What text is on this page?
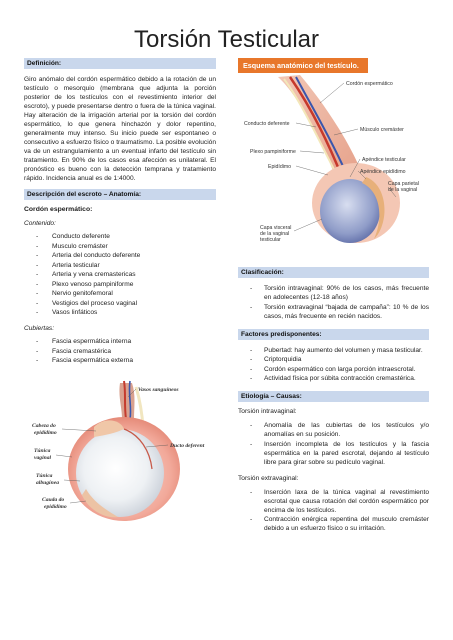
Torsión Testicular
Definición:

Giro anómalo del cordón espermático debido a la rotación de un testículo o mesorquio (membrana que adjunta la porción posterior de los testículos con el revestimiento interior del escroto), y puede presentarse dentro o fuera de la túnica vaginal. Hay alteración de la irrigación arterial por la torsión del cordón espermático, lo que genera hinchazón y dolor repentino, generalmente muy intenso. Su inicio puede ser espontaneo o consecutivo a esfuerzo físico o traumatismo. La posible evolución va de un estrangulamiento a un eventual infarto del testículo sin tratamiento. En 90% de los casos esa afección es unilateral. El pronóstico es bueno con la detección temprana y tratamiento rápido. Incidencia anual es de 1:4000.

Descripción del escroto – Anatomía:
Cordón espermático:
Contenido:
- Conducto deferente
- Musculo cremáster
- Arteria del conducto deferente
- Arteria testicular
- Arteria y vena cremastericas
- Plexo venoso pampiniforme
- Nervio genitofemoral
- Vestigios del proceso vaginal
- Vasos linfáticos
Cubiertas:
- Fascia espermática interna
- Fascia cremastérica
- Fascia espermática externa
Vasos sanguíneos
Cabeza do
epidídimo
Ducto deferent
Túnica
vaginal
Túnica
albugínea
Cauda do
epidídimo
Esquema anatómico del testículo.
Cordón espermático
Conducto deferente
Músculo cremáster
Plexo pampiniforme
Apéndice testicular
Epidídimo
Apéndice epidídimo
Capa parietal
de la vaginal
Capa visceral
de la vaginal
testicular
Clasificación:
- Torsión intravaginal: 90% de los casos, más frecuente en adolecentes (12-18 años)
- Torsión extravaginal “bajada de campaña”: 10 % de los casos, más frecuente en recién nacidos.
Factores predisponentes:
- Pubertad: hay aumento del volumen y masa testicular.
- Criptorquidia
- Cordón espermático con larga porción intraescrotal.
- Actividad física por súbita contracción cremastérica.
Etiología – Causas:
Torsión intravaginal:
- Anomalía de las cubiertas de los testículos y/o anomalías en su posición.
- Inserción incompleta de los testículos y la fascia espermática en la pared escrotal, dejando al testículo libre para girar sobre su pedículo vaginal.
Torsión extravaginal:
- Inserción laxa de la túnica vaginal al revestimiento escrotal que causa rotación del cordón espermático por encima de los testículos.
- Contracción enérgica repentina del musculo cremáster debido a un esfuerzo físico o su irritación.
